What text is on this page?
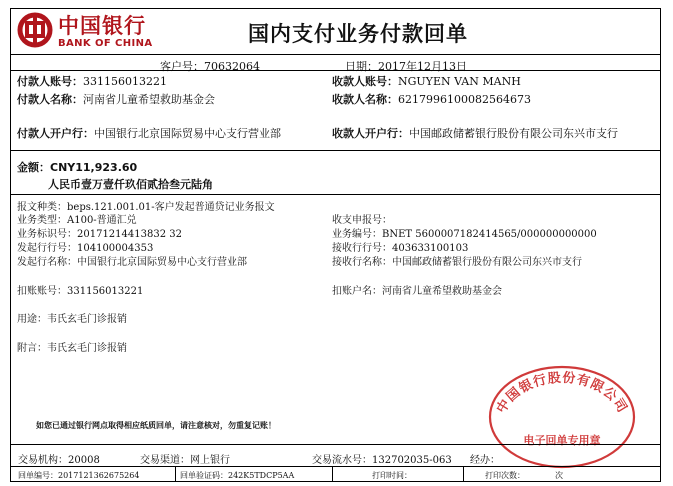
中国银行
BANK OF CHINA	国内支付业务付款回单
客户号：70632064	日期：2017年12月13日
付款人账号：331156013221
付款人名称：河南省儿童希望救助基金会
付款人开户行：中国银行北京国际贸易中心支行营业部
收款人账号：NGUYEN VAN MANH
收款人名称：6217996100082564673
收款人开户行：中国邮政储蓄银行股份有限公司东兴市支行
金额：CNY11,923.60
人民币壹万壹仟玖佰贰拾叁元陆角
报文种类：beps.121.001.01-客户发起普通贷记业务报文
业务类型：A100-普通汇兑
业务标识号：20171214413832 32
发起行行号：104100004353
发起行名称：中国银行北京国际贸易中心支行营业部
收支申报号：
业务编号：BNET 5600007182414565/000000000000
接收行行号：403633100103
接收行名称：中国邮政储蓄银行股份有限公司东兴市支行
扣账账号：331156013221	扣账户名：河南省儿童希望救助基金会
用途：韦氏玄毛门诊报销
附言：韦氏玄毛门诊报销
如您已通过银行网点取得相应纸质回单，请注意核对，勿重复记账！
中国银行股份有限公司
电子回单专用章
交易机构：20008	交易渠道：网上银行	交易流水号：132702035-063 经办：
回单编号：2017121362675264	回单验证码：242K5TDCP5AA	打印时间：	打印次数：	次
